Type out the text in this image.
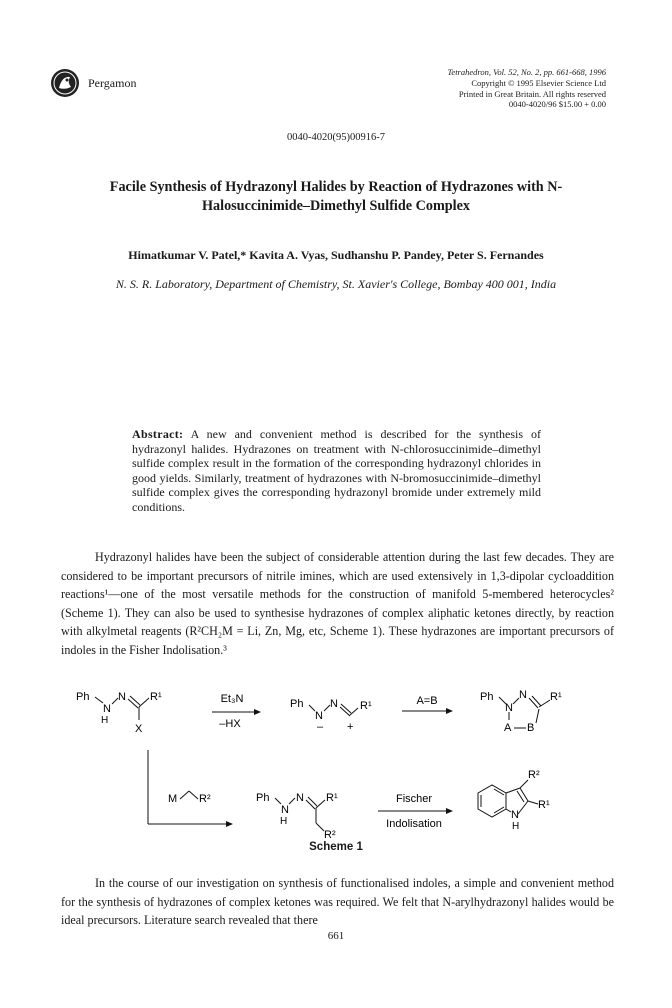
Pergamon
Tetrahedron, Vol. 52, No. 2, pp. 661-668, 1996
Copyright © 1995 Elsevier Science Ltd
Printed in Great Britain. All rights reserved
0040-4020/96 $15.00 + 0.00
0040-4020(95)00916-7
Facile Synthesis of Hydrazonyl Halides by Reaction of Hydrazones with N-
Halosuccinimide–Dimethyl Sulfide Complex
Himatkumar V. Patel,* Kavita A. Vyas, Sudhanshu P. Pandey, Peter S. Fernandes
N. S. R. Laboratory, Department of Chemistry, St. Xavier's College, Bombay 400 001, India
Abstract: A new and convenient method is described for the synthesis of hydrazonyl halides. Hydrazones on treatment with N-chlorosuccinimide–dimethyl sulfide complex result in the formation of the corresponding hydrazonyl chlorides in good yields. Similarly, treatment of hydrazones with N-bromosuccinimide–dimethyl sulfide complex gives the corresponding hydrazonyl bromide under extremely mild conditions.
Hydrazonyl halides have been the subject of considerable attention during the last few decades. They are considered to be important precursors of nitrile imines, which are used extensively in 1,3-dipolar cycloaddition reactions¹—one of the most versatile methods for the construction of manifold 5-membered heterocycles² (Scheme 1). They can also be used to synthesise hydrazones of complex aliphatic ketones directly, by reaction with alkylmetal reagents (R²CH₂M = Li, Zn, Mg, etc, Scheme 1). These hydrazones are important precursors of indoles in the Fisher Indolisation.³
Ph
N
H
N R¹
X
Et₃N
–HX
Ph
N
–
N R¹
+
A=B	Ph
N
N R¹
A B
M R²	Ph
N
H
N R¹
R²
Fischer
Indolisation
R²
N
H
R¹
Scheme 1
In the course of our investigation on synthesis of functionalised indoles, a simple and convenient method for the synthesis of hydrazones of complex ketones was required. We felt that N-arylhydrazonyl halides would be ideal precursors. Literature search revealed that there
661
